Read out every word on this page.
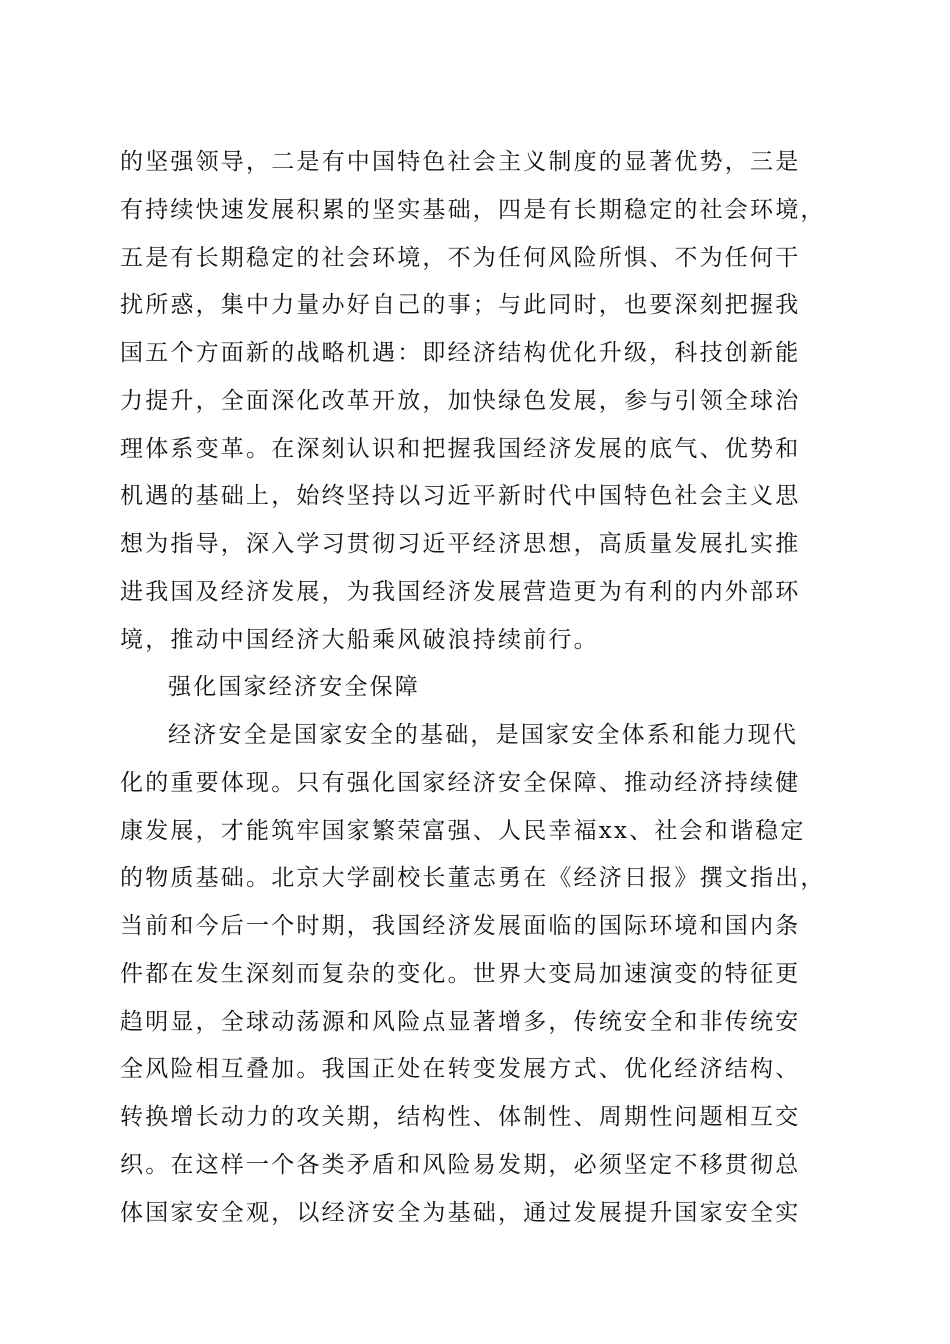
的坚强领导，二是有中国特色社会主义制度的显著优势，三是
有持续快速发展积累的坚实基础，四是有长期稳定的社会环境，
五是有长期稳定的社会环境，不为任何风险所惧、不为任何干
扰所惑，集中力量办好自己的事；与此同时，也要深刻把握我
国五个方面新的战略机遇：即经济结构优化升级，科技创新能
力提升，全面深化改革开放，加快绿色发展，参与引领全球治
理体系变革。在深刻认识和把握我国经济发展的底气、优势和
机遇的基础上，始终坚持以习近平新时代中国特色社会主义思
想为指导，深入学习贯彻习近平经济思想，高质量发展扎实推
进我国及经济发展，为我国经济发展营造更为有利的内外部环
境，推动中国经济大船乘风破浪持续前行。
强化国家经济安全保障
经济安全是国家安全的基础，是国家安全体系和能力现代
化的重要体现。只有强化国家经济安全保障、推动经济持续健
康发展，才能筑牢国家繁荣富强、人民幸福xx、社会和谐稳定
的物质基础。北京大学副校长董志勇在《经济日报》撰文指出，
当前和今后一个时期，我国经济发展面临的国际环境和国内条
件都在发生深刻而复杂的变化。世界大变局加速演变的特征更
趋明显，全球动荡源和风险点显著增多，传统安全和非传统安
全风险相互叠加。我国正处在转变发展方式、优化经济结构、
转换增长动力的攻关期，结构性、体制性、周期性问题相互交
织。在这样一个各类矛盾和风险易发期，必须坚定不移贯彻总
体国家安全观，以经济安全为基础，通过发展提升国家安全实
